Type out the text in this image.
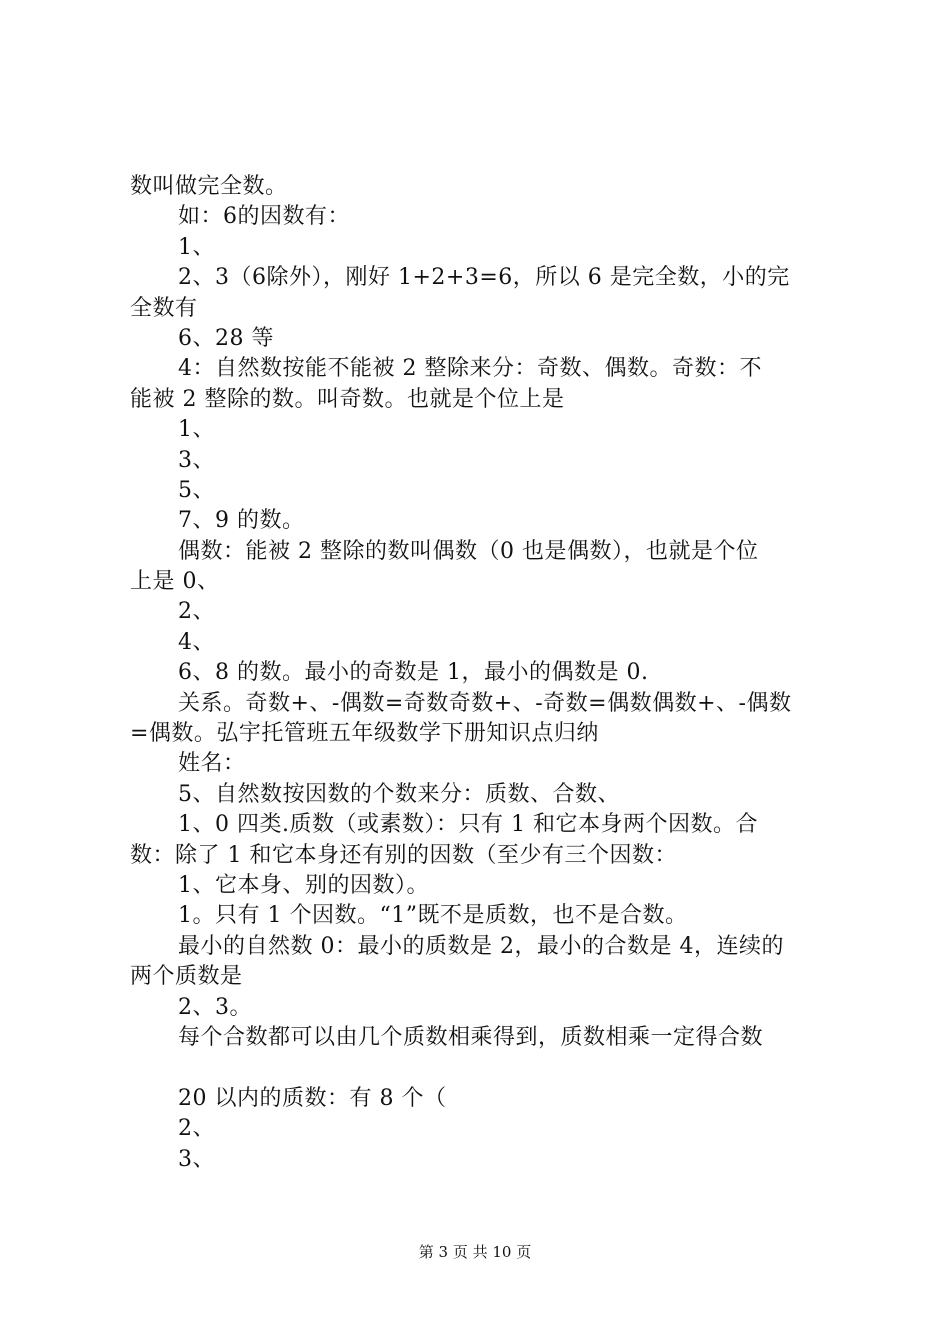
数叫做完全数。
如：6的因数有：
1、
2、3（6除外），刚好 1+2+3=6，所以 6 是完全数，小的完
全数有
6、28 等
4：自然数按能不能被 2 整除来分：奇数、偶数。奇数：不
能被 2 整除的数。叫奇数。也就是个位上是
1、
3、
5、
7、9 的数。
偶数：能被 2 整除的数叫偶数（0 也是偶数），也就是个位
上是 0、
2、
4、
6、8 的数。最小的奇数是 1，最小的偶数是 0.
关系。奇数+、-偶数=奇数奇数+、-奇数=偶数偶数+、-偶数
=偶数。弘宇托管班五年级数学下册知识点归纳
姓名：
5、自然数按因数的个数来分：质数、合数、
1、0 四类.质数（或素数）：只有 1 和它本身两个因数。合
数：除了 1 和它本身还有别的因数（至少有三个因数：
1、它本身、别的因数）。
1。只有 1 个因数。“1”既不是质数，也不是合数。
最小的自然数 0：最小的质数是 2，最小的合数是 4，连续的
两个质数是
2、3。
每个合数都可以由几个质数相乘得到，质数相乘一定得合数
20 以内的质数：有 8 个（
2、
3、
第 3 页 共 10 页
